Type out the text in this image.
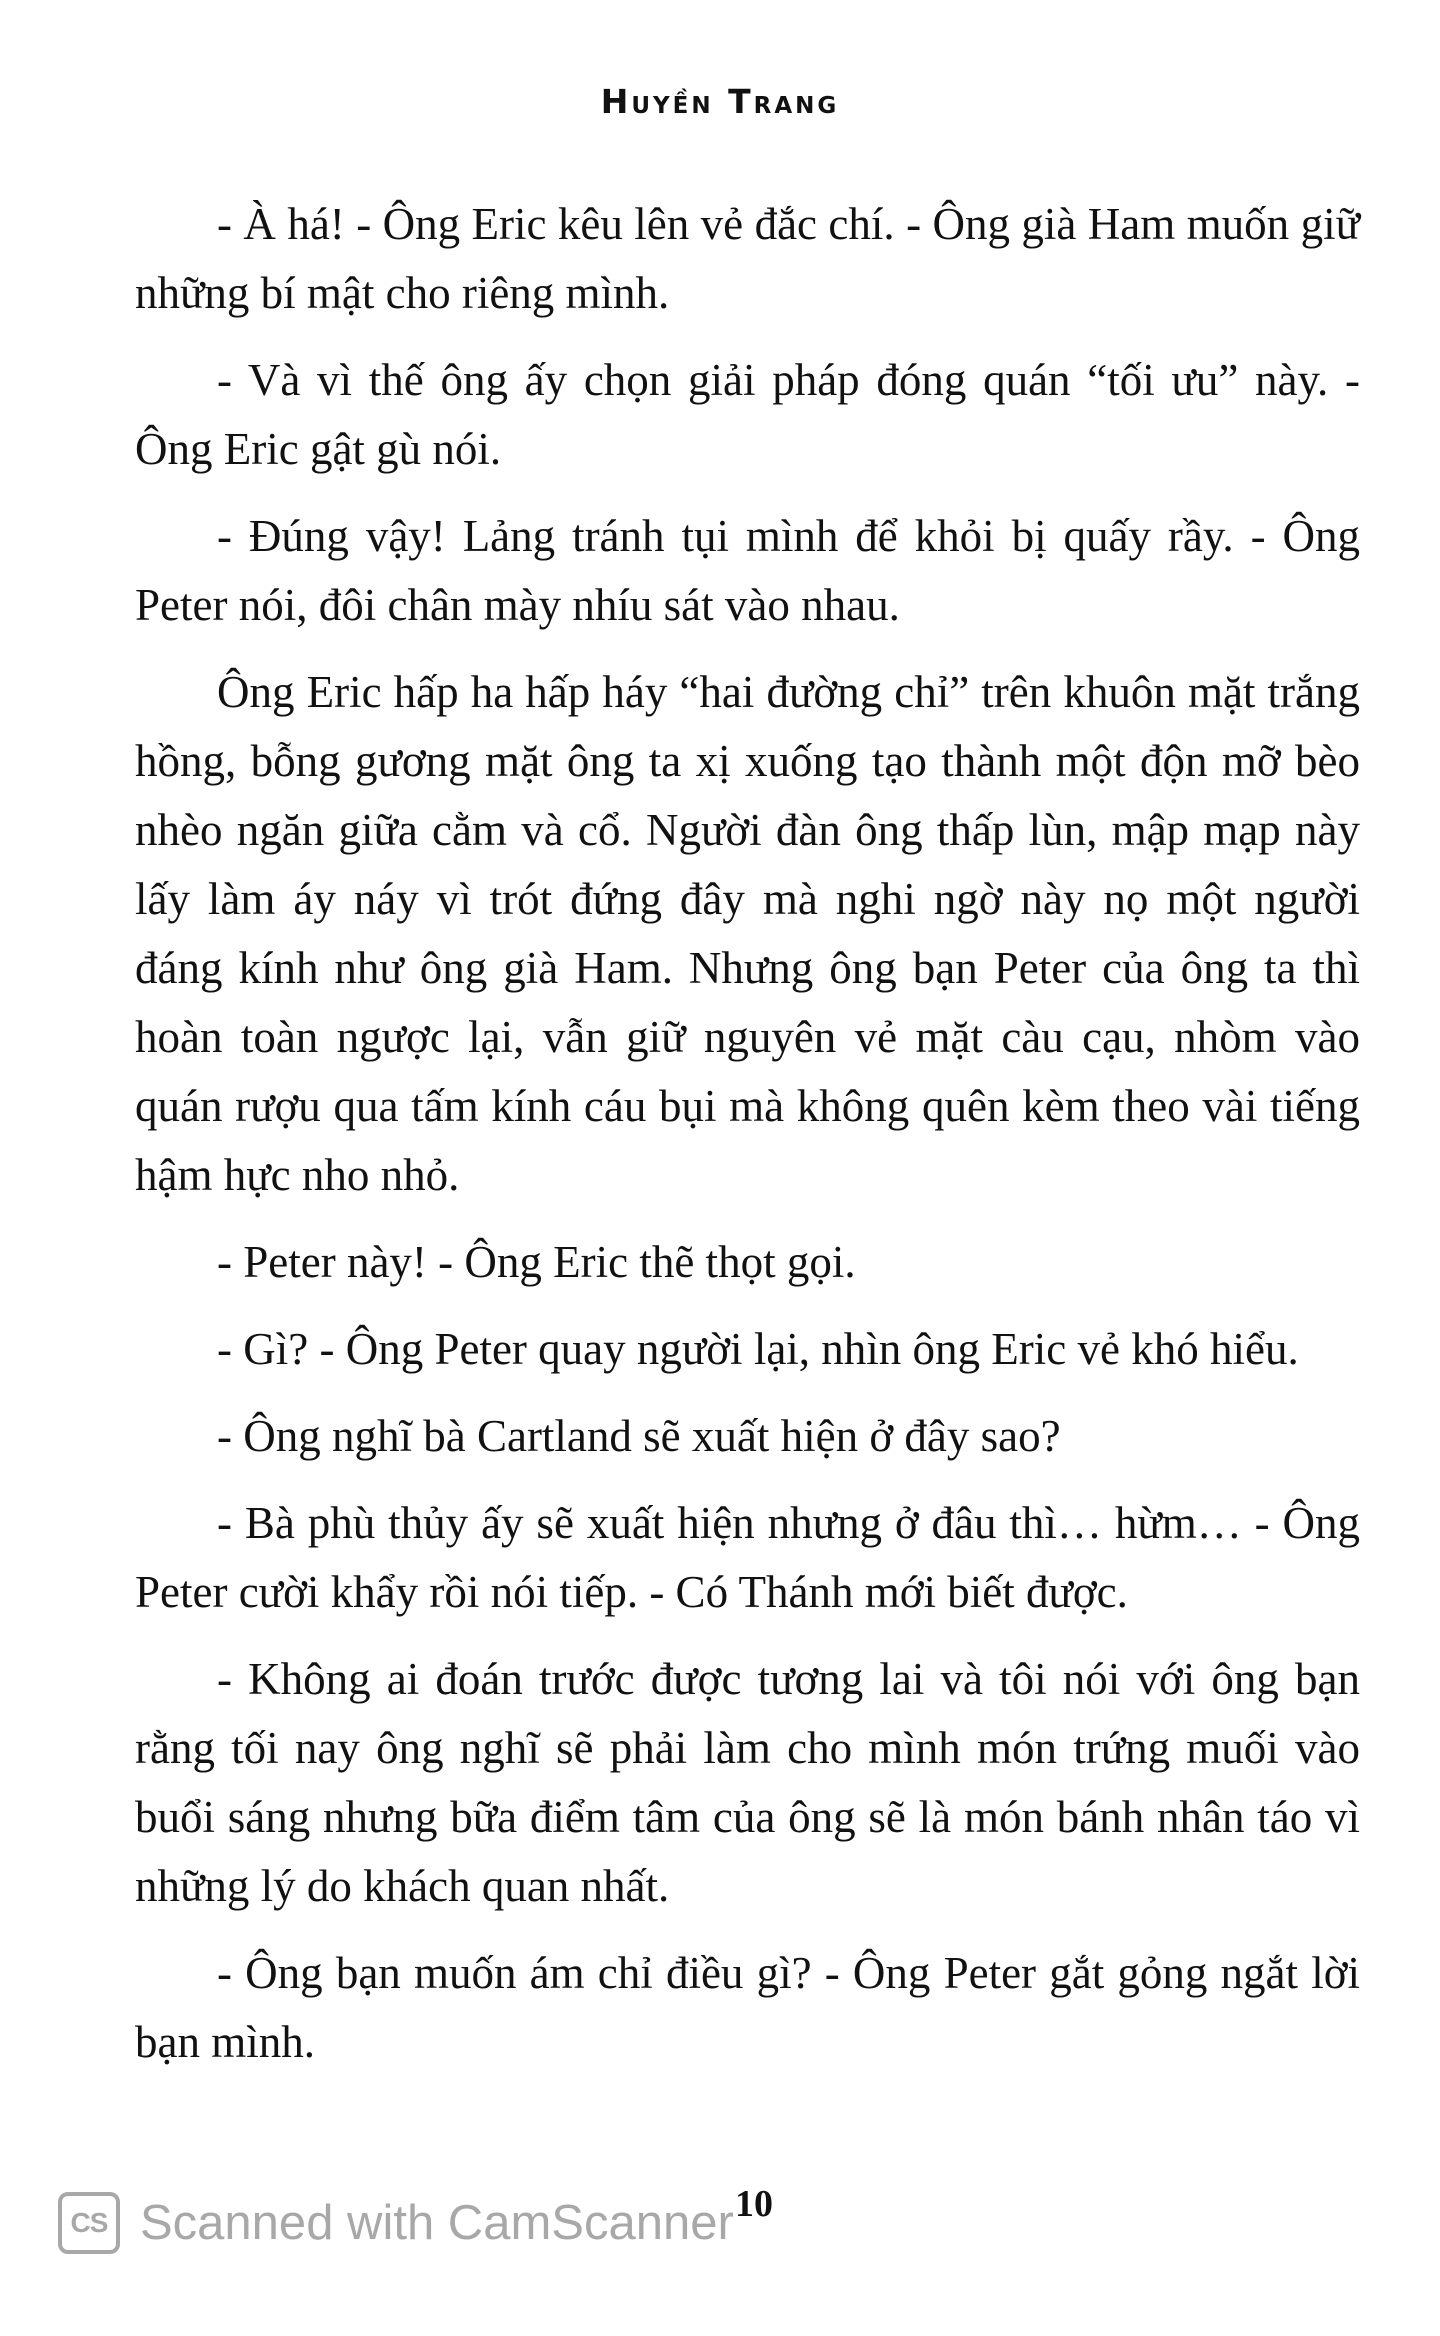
Huyền Trang

- À há! - Ông Eric kêu lên vẻ đắc chí. - Ông già Ham muốn giữ những bí mật cho riêng mình.

- Và vì thế ông ấy chọn giải pháp đóng quán “tối ưu” này. - Ông Eric gật gù nói.

- Đúng vậy! Lảng tránh tụi mình để khỏi bị quấy rầy. - Ông Peter nói, đôi chân mày nhíu sát vào nhau.

Ông Eric hấp ha hấp háy “hai đường chỉ” trên khuôn mặt trắng hồng, bỗng gương mặt ông ta xị xuống tạo thành một độn mỡ bèo nhèo ngăn giữa cằm và cổ. Người đàn ông thấp lùn, mập mạp này lấy làm áy náy vì trót đứng đây mà nghi ngờ này nọ một người đáng kính như ông già Ham. Nhưng ông bạn Peter của ông ta thì hoàn toàn ngược lại, vẫn giữ nguyên vẻ mặt càu cạu, nhòm vào quán rượu qua tấm kính cáu bụi mà không quên kèm theo vài tiếng hậm hực nho nhỏ.

- Peter này! - Ông Eric thẽ thọt gọi.

- Gì? - Ông Peter quay người lại, nhìn ông Eric vẻ khó hiểu.

- Ông nghĩ bà Cartland sẽ xuất hiện ở đây sao?

- Bà phù thủy ấy sẽ xuất hiện nhưng ở đâu thì… hừm… - Ông Peter cười khẩy rồi nói tiếp. - Có Thánh mới biết được.

- Không ai đoán trước được tương lai và tôi nói với ông bạn rằng tối nay ông nghĩ sẽ phải làm cho mình món trứng muối vào buổi sáng nhưng bữa điểm tâm của ông sẽ là món bánh nhân táo vì những lý do khách quan nhất.

- Ông bạn muốn ám chỉ điều gì? - Ông Peter gắt gỏng ngắt lời bạn mình.

CS Scanned with CamScanner 10
